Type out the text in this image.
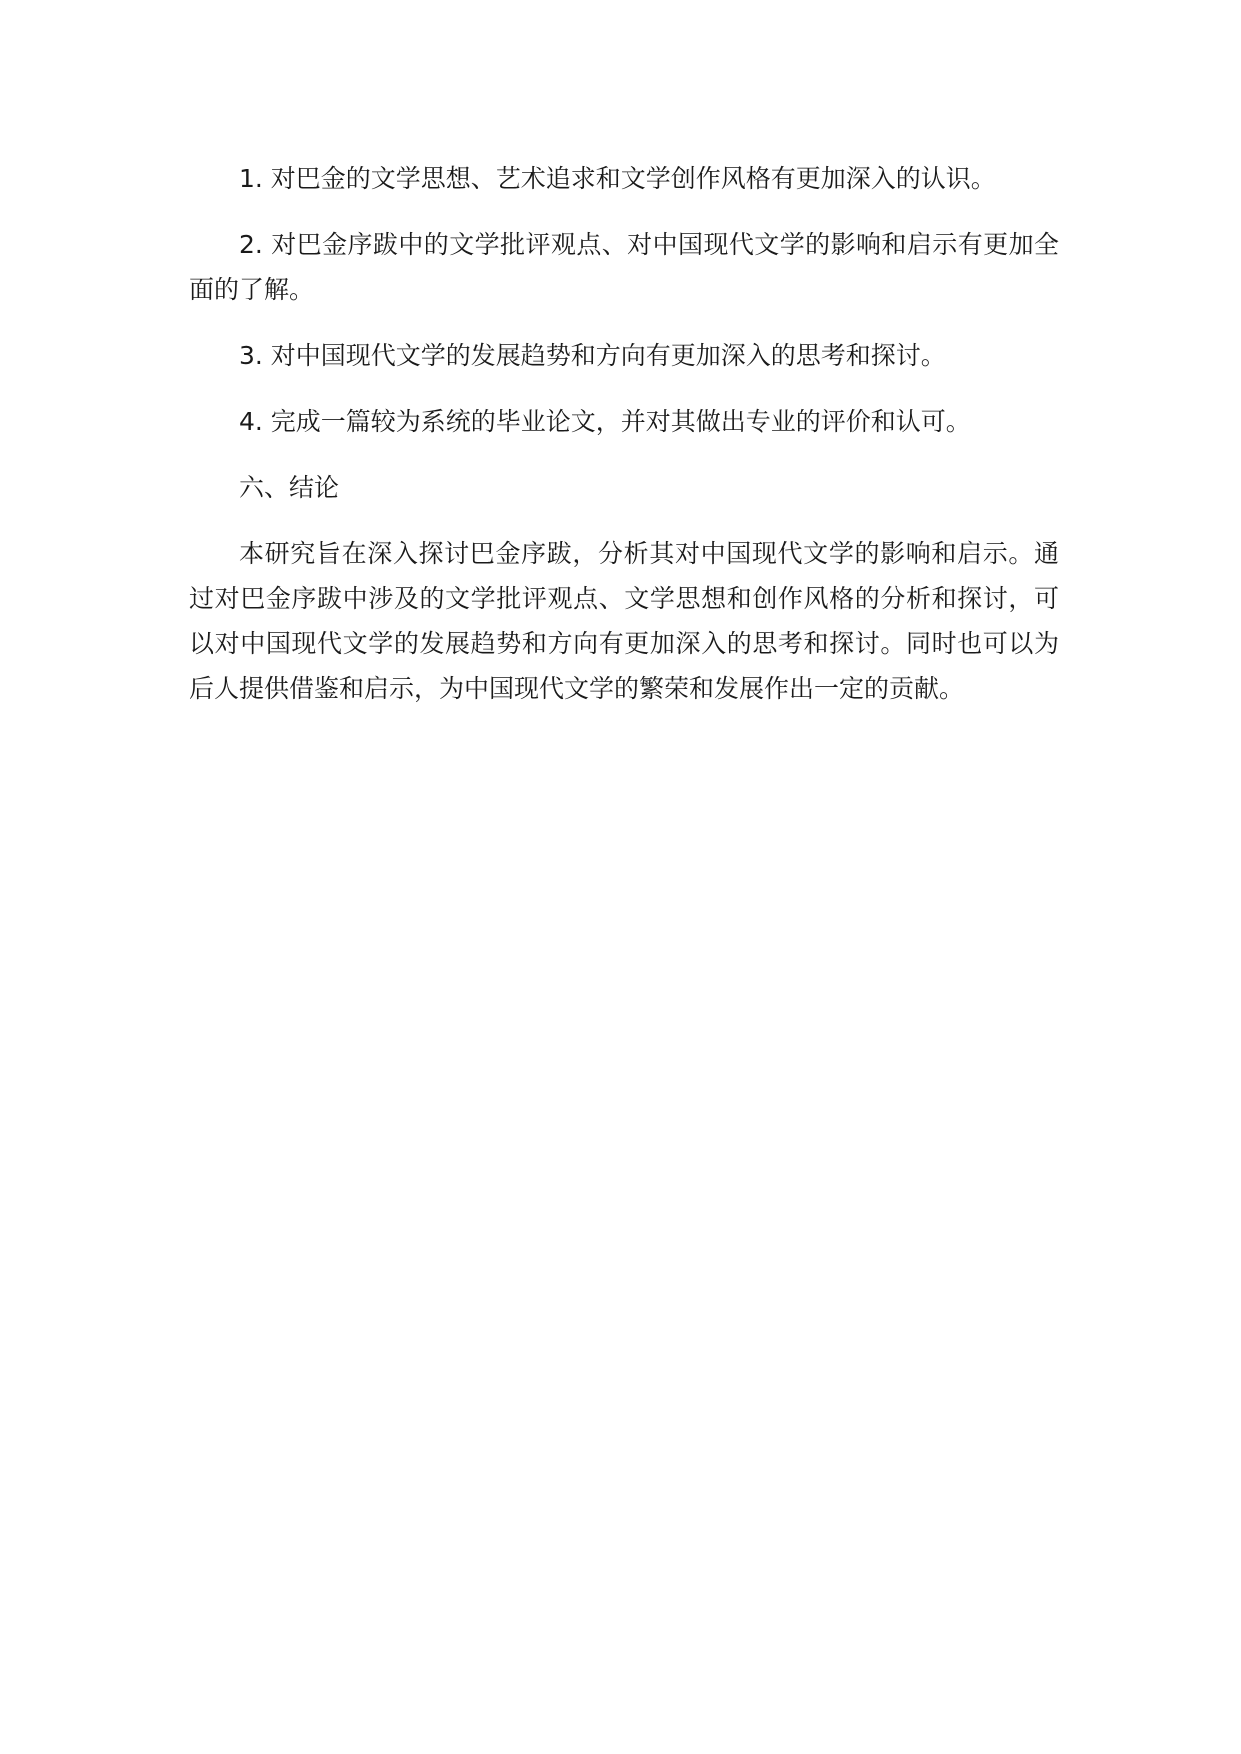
1. 对巴金的文学思想、艺术追求和文学创作风格有更加深入的认识。

2. 对巴金序跋中的文学批评观点、对中国现代文学的影响和启示有更加全面的了解。

3. 对中国现代文学的发展趋势和方向有更加深入的思考和探讨。

4. 完成一篇较为系统的毕业论文，并对其做出专业的评价和认可。

六、结论

本研究旨在深入探讨巴金序跋，分析其对中国现代文学的影响和启示。通过对巴金序跋中涉及的文学批评观点、文学思想和创作风格的分析和探讨，可以对中国现代文学的发展趋势和方向有更加深入的思考和探讨。同时也可以为后人提供借鉴和启示，为中国现代文学的繁荣和发展作出一定的贡献。
